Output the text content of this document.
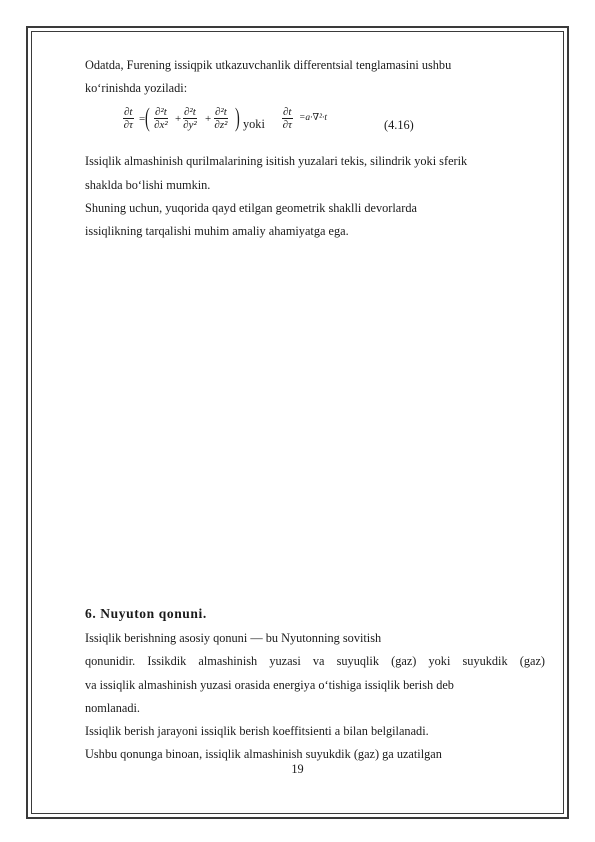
Odatda, Furening issiqpik utkazuvchanlik differentsial tenglamasini ushbu
ko‘rinishda yoziladi:
$\frac{\partial t}{\partial\tau}$ = ( $\frac{\text{∂²t}}{\text{∂x²}} + \frac{\text{∂²t}}{\text{∂y²}} + \frac{\text{∂²t}}{\text{∂z²}}$ ) yoki $\frac{\partial t}{\partial\tau} =a\cdot\nabla^2\cdot t$	(4.16)
Issiqlik almashinish qurilmalarining isitish yuzalari tekis, silindrik yoki sferik
shaklda bo‘lishi mumkin.
Shuning uchun, yuqorida qayd etilgan geometrik shaklli devorlarda
issiqlikning tarqalishi muhim amaliy ahamiyatga ega.
6. Nuyuton qonuni.
Issiqlik berishning asosiy qonuni — bu Nyutonning sovitish
qonunidir. Issikdik almashinish yuzasi va suyuqlik (gaz) yoki suyukdik (gaz)
va issiqlik almashinish yuzasi orasida energiya o‘tishiga issiqlik berish deb
nomlanadi.
Issiqlik berish jarayoni issiqlik berish koeffitsienti a bilan belgilanadi.
Ushbu qonunga binoan, issiqlik almashinish suyukdik (gaz) ga uzatilgan
19
